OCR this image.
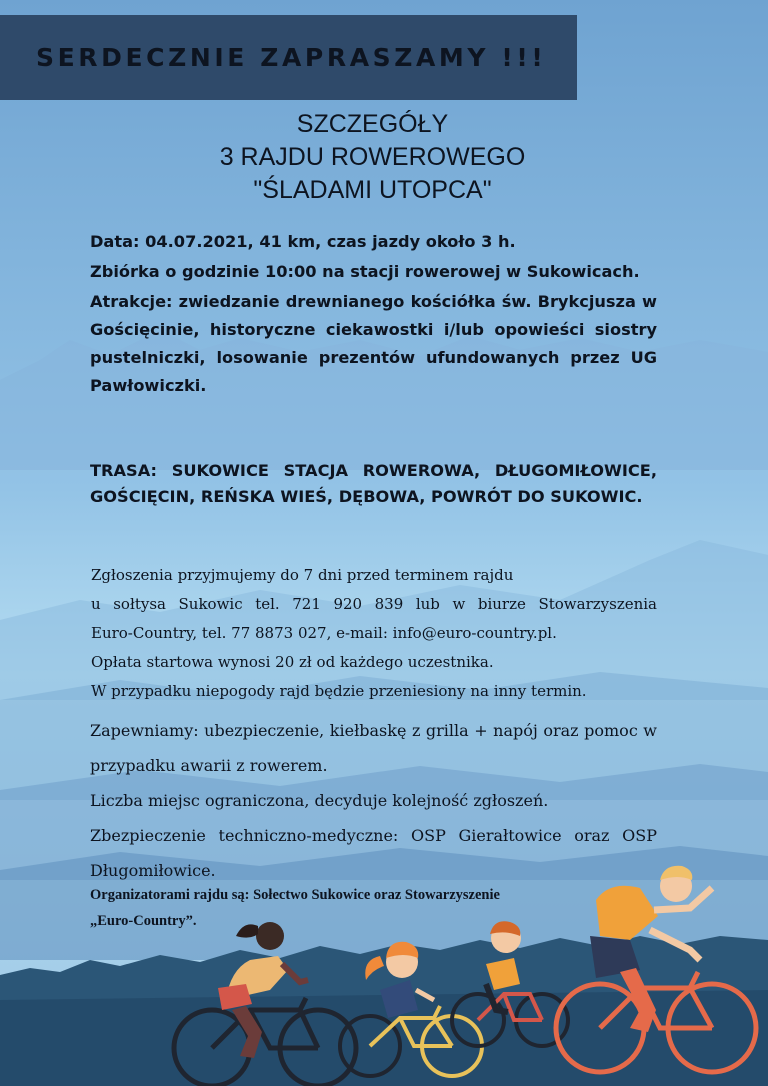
SERDECZNIE ZAPRASZAMY !!!
SZCZEGÓŁY
3 RAJDU ROWEROWEGO
"ŚLADAMI UTOPCA"

Data: 04.07.2021, 41 km, czas jazdy około 3 h.

Zbiórka o godzinie 10:00 na stacji rowerowej w Sukowicach.

Atrakcje: zwiedzanie drewnianego kościółka św. Brykcjusza w Gościęcinie, historyczne ciekawostki i/lub opowieści siostry pustelniczki, losowanie prezentów ufundowanych przez UG Pawłowiczki.

TRASA: SUKOWICE STACJA ROWEROWA, DŁUGOMIŁOWICE, GOŚCIĘCIN, REŃSKA WIEŚ, DĘBOWA, POWRÓT DO SUKOWIC.

Zgłoszenia przyjmujemy do 7 dni przed terminem rajdu

u sołtysa Sukowic tel. 721 920 839 lub w biurze Stowarzyszenia

Euro-Country, tel. 77 8873 027, e-mail: info@euro-country.pl.

Opłata startowa wynosi 20 zł od każdego uczestnika.

W przypadku niepogody rajd będzie przeniesiony na inny termin.

Zapewniamy: ubezpieczenie, kiełbaskę z grilla + napój oraz pomoc w przypadku awarii z rowerem.

Liczba miejsc ograniczona, decyduje kolejność zgłoszeń.

Zbezpieczenie techniczno-medyczne: OSP Gierałtowice oraz OSP Długomiłowice.

Organizatorami rajdu są: Sołectwo Sukowice oraz Stowarzyszenie

„Euro-Country”.
